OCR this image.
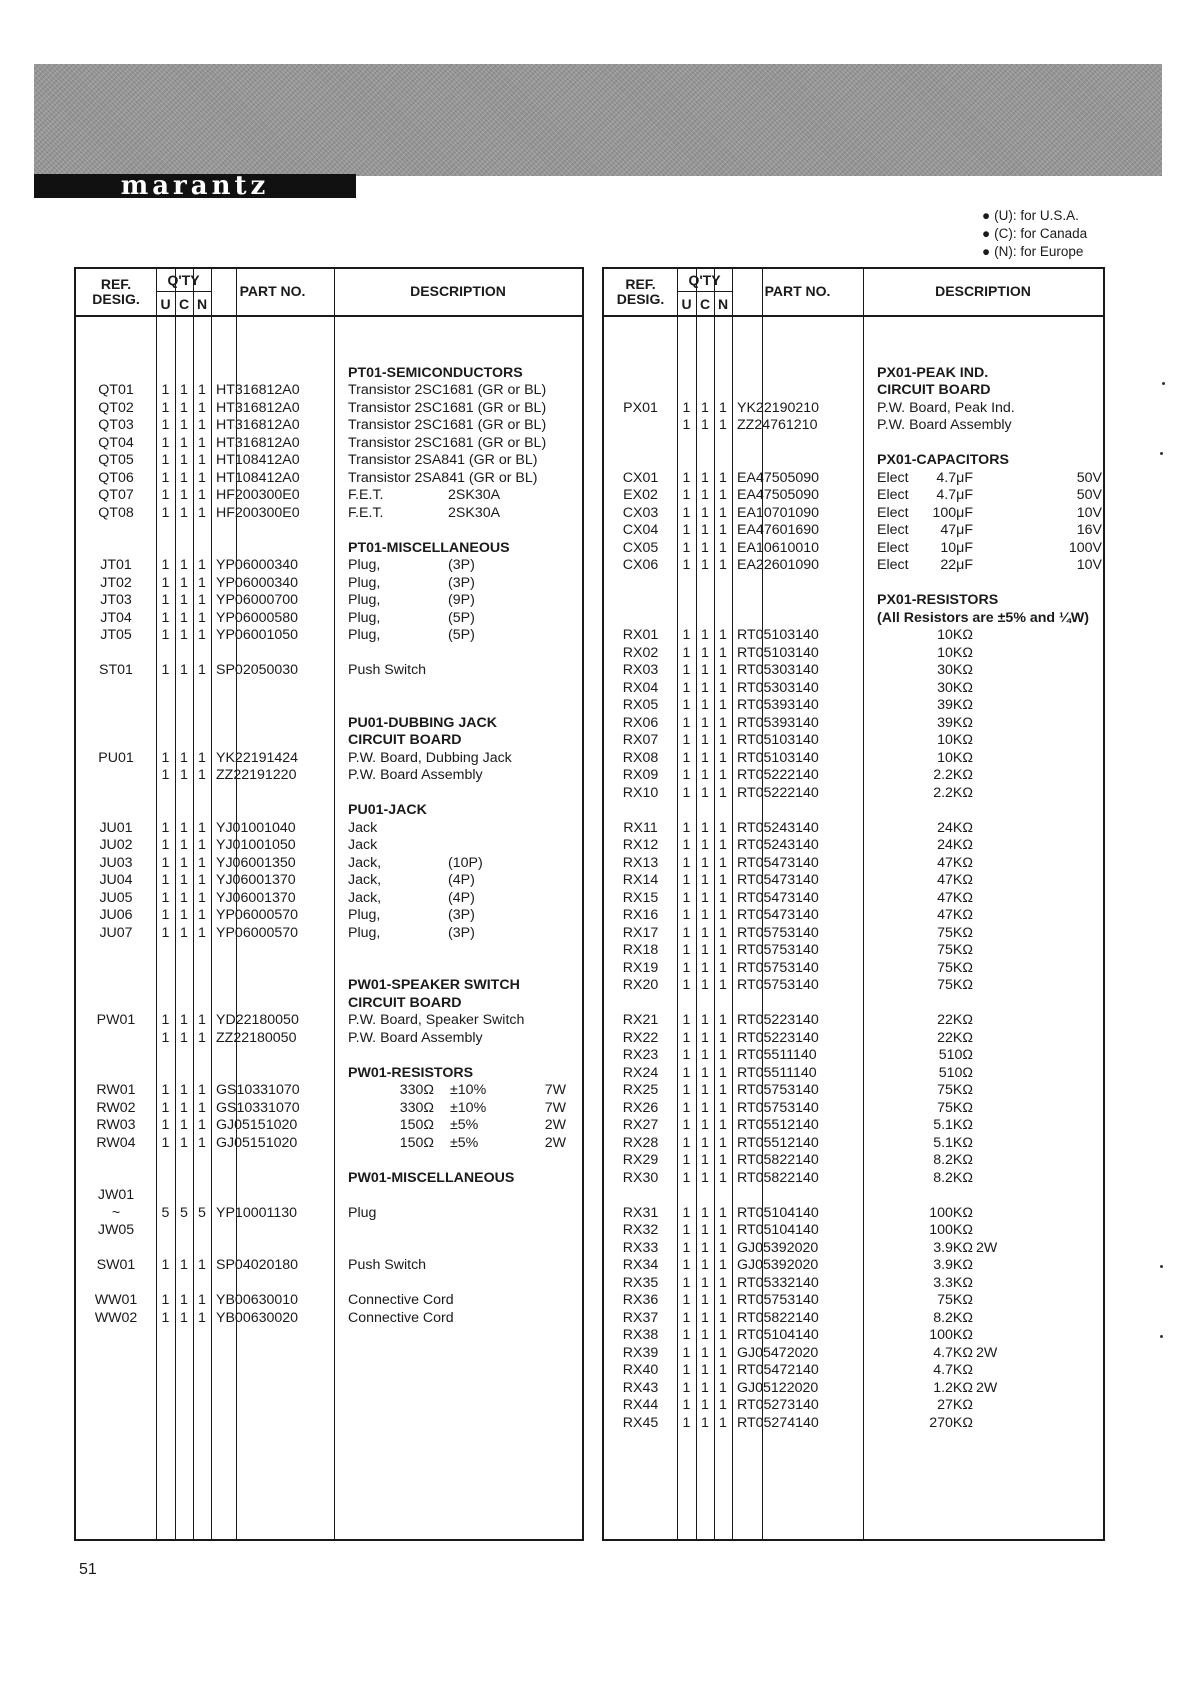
marantz
● (U): for U.S.A.
● (C): for Canada
● (N): for Europe
REF.
DESIG.
Q'TY
U C N
PART NO.	DESCRIPTION
PT01-SEMICONDUCTORS
QT01	1 1 1 HT316812A0	Transistor 2SC1681 (GR or BL)
QT02	1 1 1 HT316812A0	Transistor 2SC1681 (GR or BL)
QT03	1 1 1 HT316812A0	Transistor 2SC1681 (GR or BL)
QT04	1 1 1 HT316812A0	Transistor 2SC1681 (GR or BL)
QT05	1 1 1 HT108412A0	Transistor 2SA841 (GR or BL)
QT06	1 1 1 HT108412A0	Transistor 2SA841 (GR or BL)
QT07	1 1 1 HF200300E0	F.E.T.	2SK30A
QT08	1 1 1 HF200300E0	F.E.T.	2SK30A
PT01-MISCELLANEOUS
JT01	1 1 1 YP06000340	Plug,	(3P)
JT02	1 1 1 YP06000340	Plug,	(3P)
JT03	1 1 1 YP06000700	Plug,	(9P)
JT04	1 1 1 YP06000580	Plug,	(5P)
JT05	1 1 1 YP06001050	Plug,	(5P)
ST01	1 1 1 SP02050030	Push Switch
PU01-DUBBING JACK
CIRCUIT BOARD
PU01	1 1 1 YK22191424	P.W. Board, Dubbing Jack
1 1 1 ZZ22191220	P.W. Board Assembly
PU01-JACK
JU01	1 1 1 YJ01001040	Jack
JU02	1 1 1 YJ01001050	Jack
JU03	1 1 1 YJ06001350	Jack,	(10P)
JU04	1 1 1 YJ06001370	Jack,	(4P)
JU05	1 1 1 YJ06001370	Jack,	(4P)
JU06	1 1 1 YP06000570	Plug,	(3P)
JU07	1 1 1 YP06000570	Plug,	(3P)
PW01-SPEAKER SWITCH
CIRCUIT BOARD
PW01	1 1 1 YD22180050	P.W. Board, Speaker Switch
1 1 1 ZZ22180050	P.W. Board Assembly
PW01-RESISTORS
RW01	1 1 1 GS10331070	330Ω ±10%	7W
RW02	1 1 1 GS10331070	330Ω ±10%	7W
RW03	1 1 1 GJ05151020	150Ω ±5%	2W
RW04	1 1 1 GJ05151020	150Ω ±5%	2W
PW01-MISCELLANEOUS
JW01
~	5 5 5 YP10001130	Plug
JW05
SW01	1 1 1 SP04020180	Push Switch
WW01	1 1 1 YB00630010	Connective Cord
WW02	1 1 1 YB00630020	Connective Cord
REF.
DESIG.
Q'TY
U C N
PART NO.	DESCRIPTION
PX01-PEAK IND.
CIRCUIT BOARD
PX01	1 1 1 YK22190210	P.W. Board, Peak Ind.
1 1 1 ZZ24761210	P.W. Board Assembly
PX01-CAPACITORS
CX01	1 1 1 EA47505090	Elect	4.7μF	50V
EX02	1 1 1 EA47505090	Elect	4.7μF	50V
CX03	1 1 1 EA10701090	Elect	100μF	10V
CX04	1 1 1 EA47601690	Elect	47μF	16V
CX05	1 1 1 EA10610010	Elect	10μF	100V
CX06	1 1 1 EA22601090	Elect	22μF	10V
PX01-RESISTORS
(All Resistors are ±5% and ¼W)
RX01	1 1 1 RT05103140	10KΩ
RX02	1 1 1 RT05103140	10KΩ
RX03	1 1 1 RT05303140	30KΩ
RX04	1 1 1 RT05303140	30KΩ
RX05	1 1 1 RT05393140	39KΩ
RX06	1 1 1 RT05393140	39KΩ
RX07	1 1 1 RT05103140	10KΩ
RX08	1 1 1 RT05103140	10KΩ
RX09	1 1 1 RT05222140	2.2KΩ
RX10	1 1 1 RT05222140	2.2KΩ
RX11	1 1 1 RT05243140	24KΩ
RX12	1 1 1 RT05243140	24KΩ
RX13	1 1 1 RT05473140	47KΩ
RX14	1 1 1 RT05473140	47KΩ
RX15	1 1 1 RT05473140	47KΩ
RX16	1 1 1 RT05473140	47KΩ
RX17	1 1 1 RT05753140	75KΩ
RX18	1 1 1 RT05753140	75KΩ
RX19	1 1 1 RT05753140	75KΩ
RX20	1 1 1 RT05753140	75KΩ
RX21	1 1 1 RT05223140	22KΩ
RX22	1 1 1 RT05223140	22KΩ
RX23	1 1 1 RT05511140	510Ω
RX24	1 1 1 RT05511140	510Ω
RX25	1 1 1 RT05753140	75KΩ
RX26	1 1 1 RT05753140	75KΩ
RX27	1 1 1 RT05512140	5.1KΩ
RX28	1 1 1 RT05512140	5.1KΩ
RX29	1 1 1 RT05822140	8.2KΩ
RX30	1 1 1 RT05822140	8.2KΩ
RX31	1 1 1 RT05104140	100KΩ
RX32	1 1 1 RT05104140	100KΩ
RX33	1 1 1 GJ05392020	3.9KΩ 2W
RX34	1 1 1 GJ05392020	3.9KΩ
RX35	1 1 1 RT05332140	3.3KΩ
RX36	1 1 1 RT05753140	75KΩ
RX37	1 1 1 RT05822140	8.2KΩ
RX38	1 1 1 RT05104140	100KΩ
RX39	1 1 1 GJ05472020	4.7KΩ 2W
RX40	1 1 1 RT05472140	4.7KΩ
RX43	1 1 1 GJ05122020	1.2KΩ 2W
RX44	1 1 1 RT05273140	27KΩ
RX45	1 1 1 RT05274140	270KΩ
51
